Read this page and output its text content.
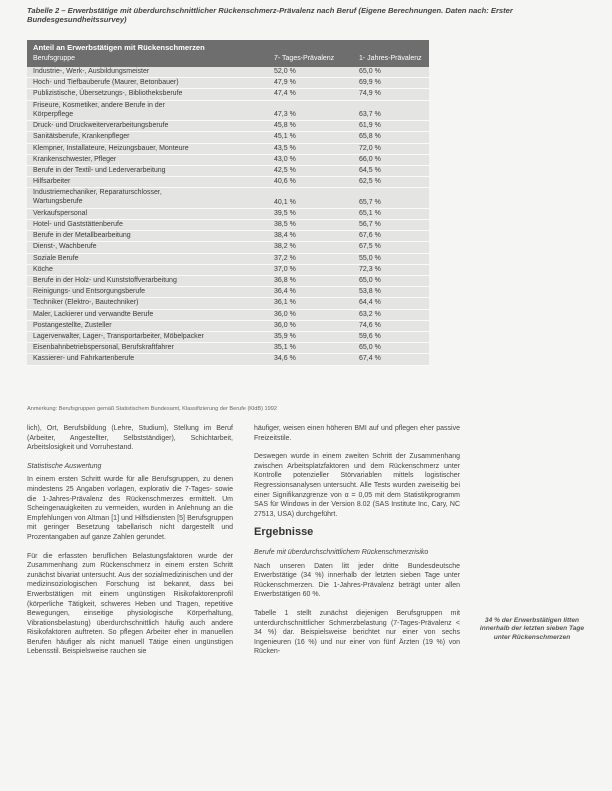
Tabelle 2 – Erwerbstätige mit überdurchschnittlicher Rückenschmerz-Prävalenz nach Beruf (Eigene Berechnungen. Daten nach: Erster Bundesgesundheitssurvey)
Anteil an Erwerbstätigen mit Rückenschmerzen
Berufsgruppe	7- Tages-Prävalenz	1- Jahres-Prävalenz
Industrie-, Werk-, Ausbildungsmeister	52,0 %	65,0 %
Hoch- und Tiefbauberufe (Maurer, Betonbauer)	47,9 %	69,9 %
Publizistische, Übersetzungs-, Bibliotheksberufe	47,4 %	74,9 %
Friseure, Kosmetiker, andere Berufe in der
Körperpflege	47,3 %	63,7 %
Druck- und Druckweiterverarbeitungsberufe	45,8 %	61,9 %
Sanitätsberufe, Krankenpfleger	45,1 %	65,8 %
Klempner, Installateure, Heizungsbauer, Monteure	43,5 %	72,0 %
Krankenschwester, Pfleger	43,0 %	66,0 %
Berufe in der Textil- und Lederverarbeitung	42,5 %	64,5 %
Hilfsarbeiter	40,6 %	62,5 %
Industriemechaniker, Reparaturschlosser,
Wartungsberufe	40,1 %	65,7 %
Verkaufspersonal	39,5 %	65,1 %
Hotel- und Gaststättenberufe	38,5 %	56,7 %
Berufe in der Metallbearbeitung	38,4 %	67,6 %
Dienst-, Wachberufe	38,2 %	67,5 %
Soziale Berufe	37,2 %	55,0 %
Köche	37,0 %	72,3 %
Berufe in der Holz- und Kunststoffverarbeitung	36,8 %	65,0 %
Reinigungs- und Entsorgungsberufe	36,4 %	53,8 %
Techniker (Elektro-, Bautechniker)	36,1 %	64,4 %
Maler, Lackierer und verwandte Berufe	36,0 %	63,2 %
Postangestellte, Zusteller	36,0 %	74,6 %
Lagerverwalter, Lager-, Transportarbeiter, Möbelpacker	35,9 %	59,6 %
Eisenbahnbetriebspersonal, Berufskraftfahrer	35,1 %	65,0 %
Kassierer- und Fahrkartenberufe	34,6 %	67,4 %
Anmerkung: Berufsgruppen gemäß Statistischem Bundesamt, Klassifizierung der Berufe (KldB) 1992

lich), Ort, Berufsbildung (Lehre, Studium), Stellung im Beruf (Arbeiter, Angestellter, Selbstständiger), Schichtarbeit, Arbeitslosigkeit und Vorruhestand.

Statistische Auswertung

In einem ersten Schritt wurde für alle Berufsgruppen, zu denen mindestens 25 Angaben vorlagen, explorativ die 7-Tages- sowie die 1-Jahres-Prävalenz des Rückenschmerzes ermittelt. Um Scheingenauigkeiten zu vermeiden, wurden in Anlehnung an die Empfehlungen von Altman [1] und Hilfsdiensten [5] Berufsgruppen mit geringer Besetzung tabellarisch nicht dargestellt und Prozentangaben auf ganze Zahlen gerundet.

Für die erfassten beruflichen Belastungsfaktoren wurde der Zusammenhang zum Rückenschmerz in einem ersten Schritt zunächst bivariat untersucht. Aus der sozialmedizinischen und der medizinsoziologischen Forschung ist bekannt, dass bei Erwerbstätigen mit einem ungünstigen Risikofaktorenprofil (körperliche Tätigkeit, schweres Heben und Tragen, repetitive Bewegungen, einseitige physiologische Körperhaltung, Vibrationsbelastung) überdurchschnittlich häufig auch andere Risikofaktoren auftreten. So pflegen Arbeiter eher in manuellen Berufen häufiger als nicht manuell Tätige einen ungünstigen Lebensstil. Beispielsweise rauchen sie

häufiger, weisen einen höheren BMI auf und pflegen eher passive Freizeitstile.

Deswegen wurde in einem zweiten Schritt der Zusammenhang zwischen Arbeitsplatzfaktoren und dem Rückenschmerz unter Kontrolle potenzieller Störvariablen mittels logistischer Regressionsanalysen untersucht. Alle Tests wurden zweiseitig bei einer Signifikanzgrenze von α = 0,05 mit dem Statistikprogramm SAS für Windows in der Version 8.02 (SAS Institute Inc, Cary, NC 27513, USA) durchgeführt.

Ergebnisse

Berufe mit überdurchschnittlichem Rückenschmerzrisiko

Nach unseren Daten litt jeder dritte Bundesdeutsche Erwerbstätige (34 %) innerhalb der letzten sieben Tage unter Rückenschmerzen. Die 1-Jahres-Prävalenz beträgt unter allen Erwerbstätigen 60 %.

Tabelle 1 stellt zunächst diejenigen Berufsgruppen mit unterdurchschnittlicher Schmerzbelastung (7-Tages-Prävalenz < 34 %) dar. Beispielsweise berichtet nur einer von sechs Ingenieuren (16 %) und nur einer von fünf Ärzten (19 %) von Rücken-

34 % der Erwerbstätigen litten innerhalb der letzten sieben Tage unter Rückenschmerzen
